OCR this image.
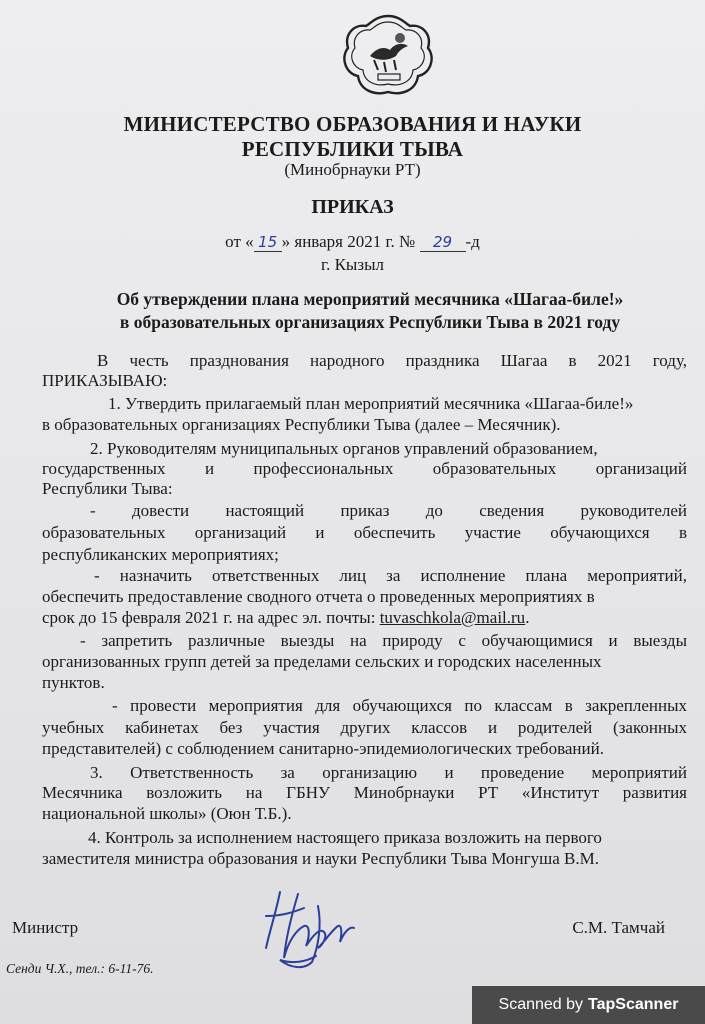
МИНИСТЕРСТВО ОБРАЗОВАНИЯ И НАУКИ
РЕСПУБЛИКИ ТЫВА
(Минобрнауки РТ)
ПРИКАЗ
от « 15 » января 2021 г. № 29 -д
г. Кызыл
Об утверждении плана мероприятий месячника «Шагаа-биле!»
в образовательных организациях Республики Тыва в 2021 году
В честь празднования народного праздника Шагаа в 2021 году,
ПРИКАЗЫВАЮ:
1. Утвердить прилагаемый план мероприятий месячника «Шагаа-биле!»
в образовательных организациях Республики Тыва (далее – Месячник).
2. Руководителям муниципальных органов управлений образованием,
государственных и профессиональных образовательных организаций
Республики Тыва:
- довести настоящий приказ до сведения руководителей
образовательных организаций и обеспечить участие обучающихся в
республиканских мероприятиях;
- назначить ответственных лиц за исполнение плана мероприятий,
обеспечить предоставление сводного отчета о проведенных мероприятиях в
срок до 15 февраля 2021 г. на адрес эл. почты: tuvaschkola@mail.ru.
- запретить различные выезды на природу с обучающимися и выезды
организованных групп детей за пределами сельских и городских населенных
пунктов.
- провести мероприятия для обучающихся по классам в закрепленных
учебных кабинетах без участия других классов и родителей (законных
представителей) с соблюдением санитарно-эпидемиологических требований.
3. Ответственность за организацию и проведение мероприятий
Месячника возложить на ГБНУ Минобрнауки РТ «Институт развития
национальной школы» (Оюн Т.Б.).
4. Контроль за исполнением настоящего приказа возложить на первого
заместителя министра образования и науки Республики Тыва Монгуша В.М.
Министр	С.М. Тамчай
Сенди Ч.Х., тел.: 6-11-76.
Scanned by TapScanner
